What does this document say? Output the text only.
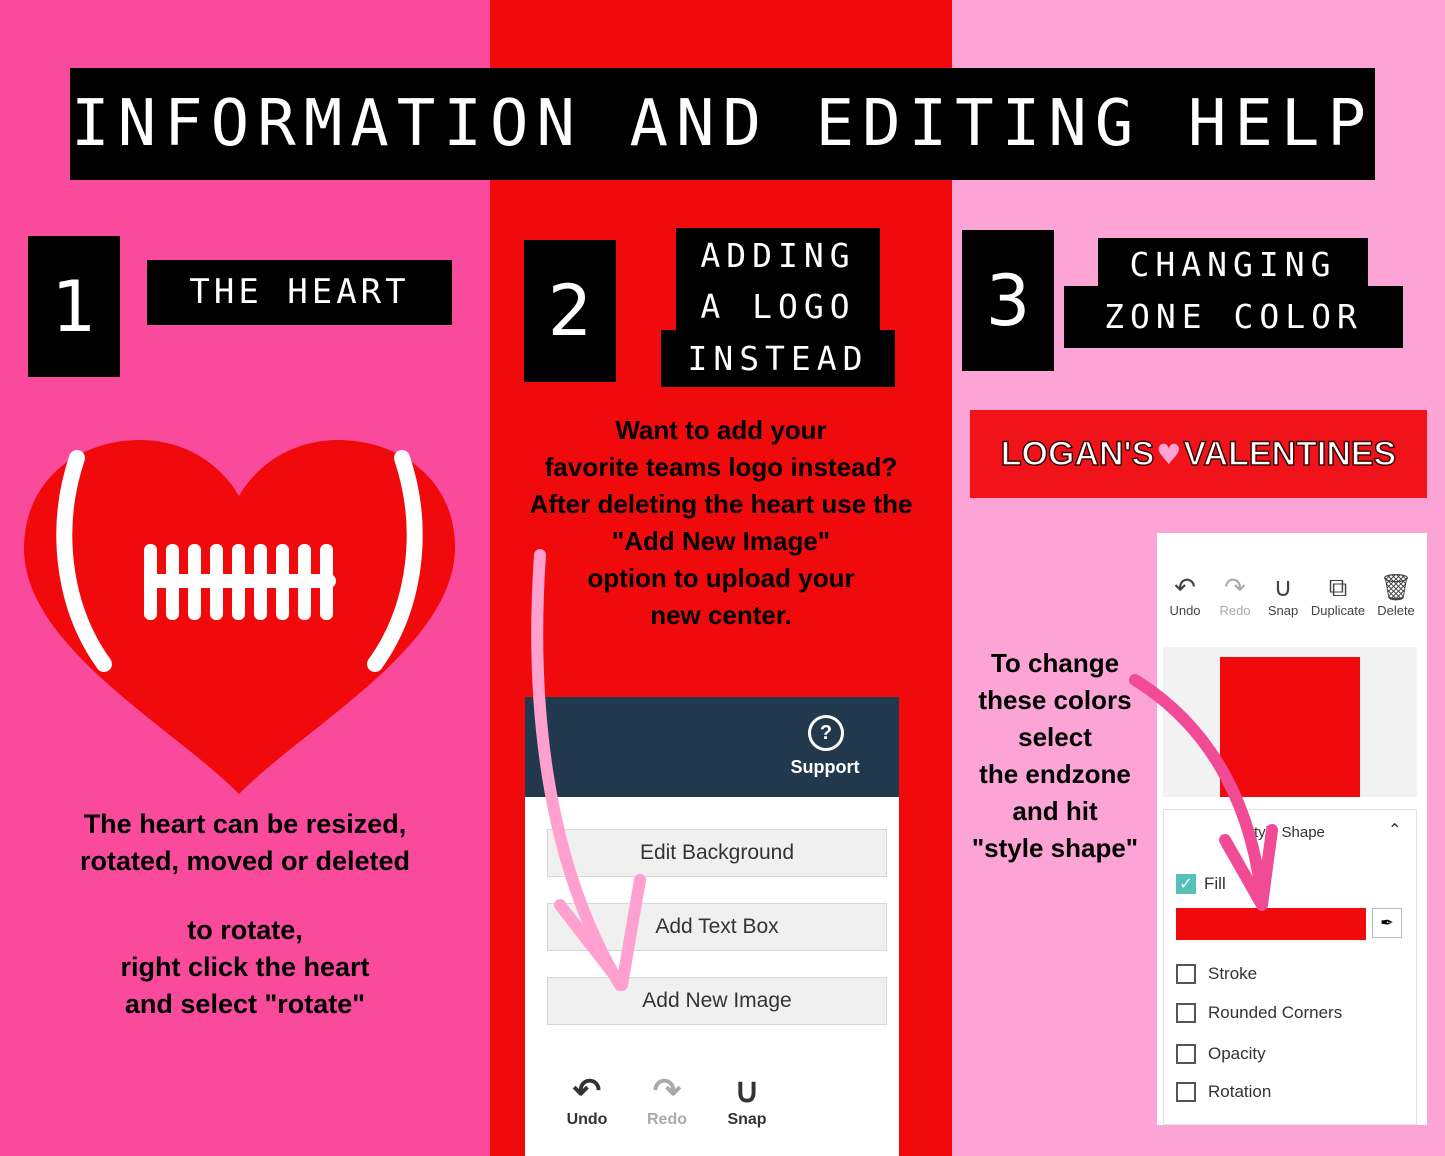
INFORMATION AND EDITING HELP
1	THE HEART
The heart can be resized,
rotated, moved or deleted
to rotate,
right click the heart
and select "rotate"
2
ADDING
A LOGO
INSTEAD
Want to add your
favorite teams logo instead?
After deleting the heart use the
"Add New Image"
option to upload your
new center.
?
Support
Edit Background
Add Text Box
Add New Image
↶
Undo
↷
Redo
∪
Snap
3	CHANGING
ZONE COLOR
LOGAN'S ♥ VALENTINES
To change
these colors
select
the endzone
and hit
"style shape"
↶
Undo
↷
Redo
∪
Snap
⧉
Duplicate
🗑
Delete
Style Shape	⌃
✓ Fill
✒
Stroke
Rounded Corners
Opacity
Rotation
